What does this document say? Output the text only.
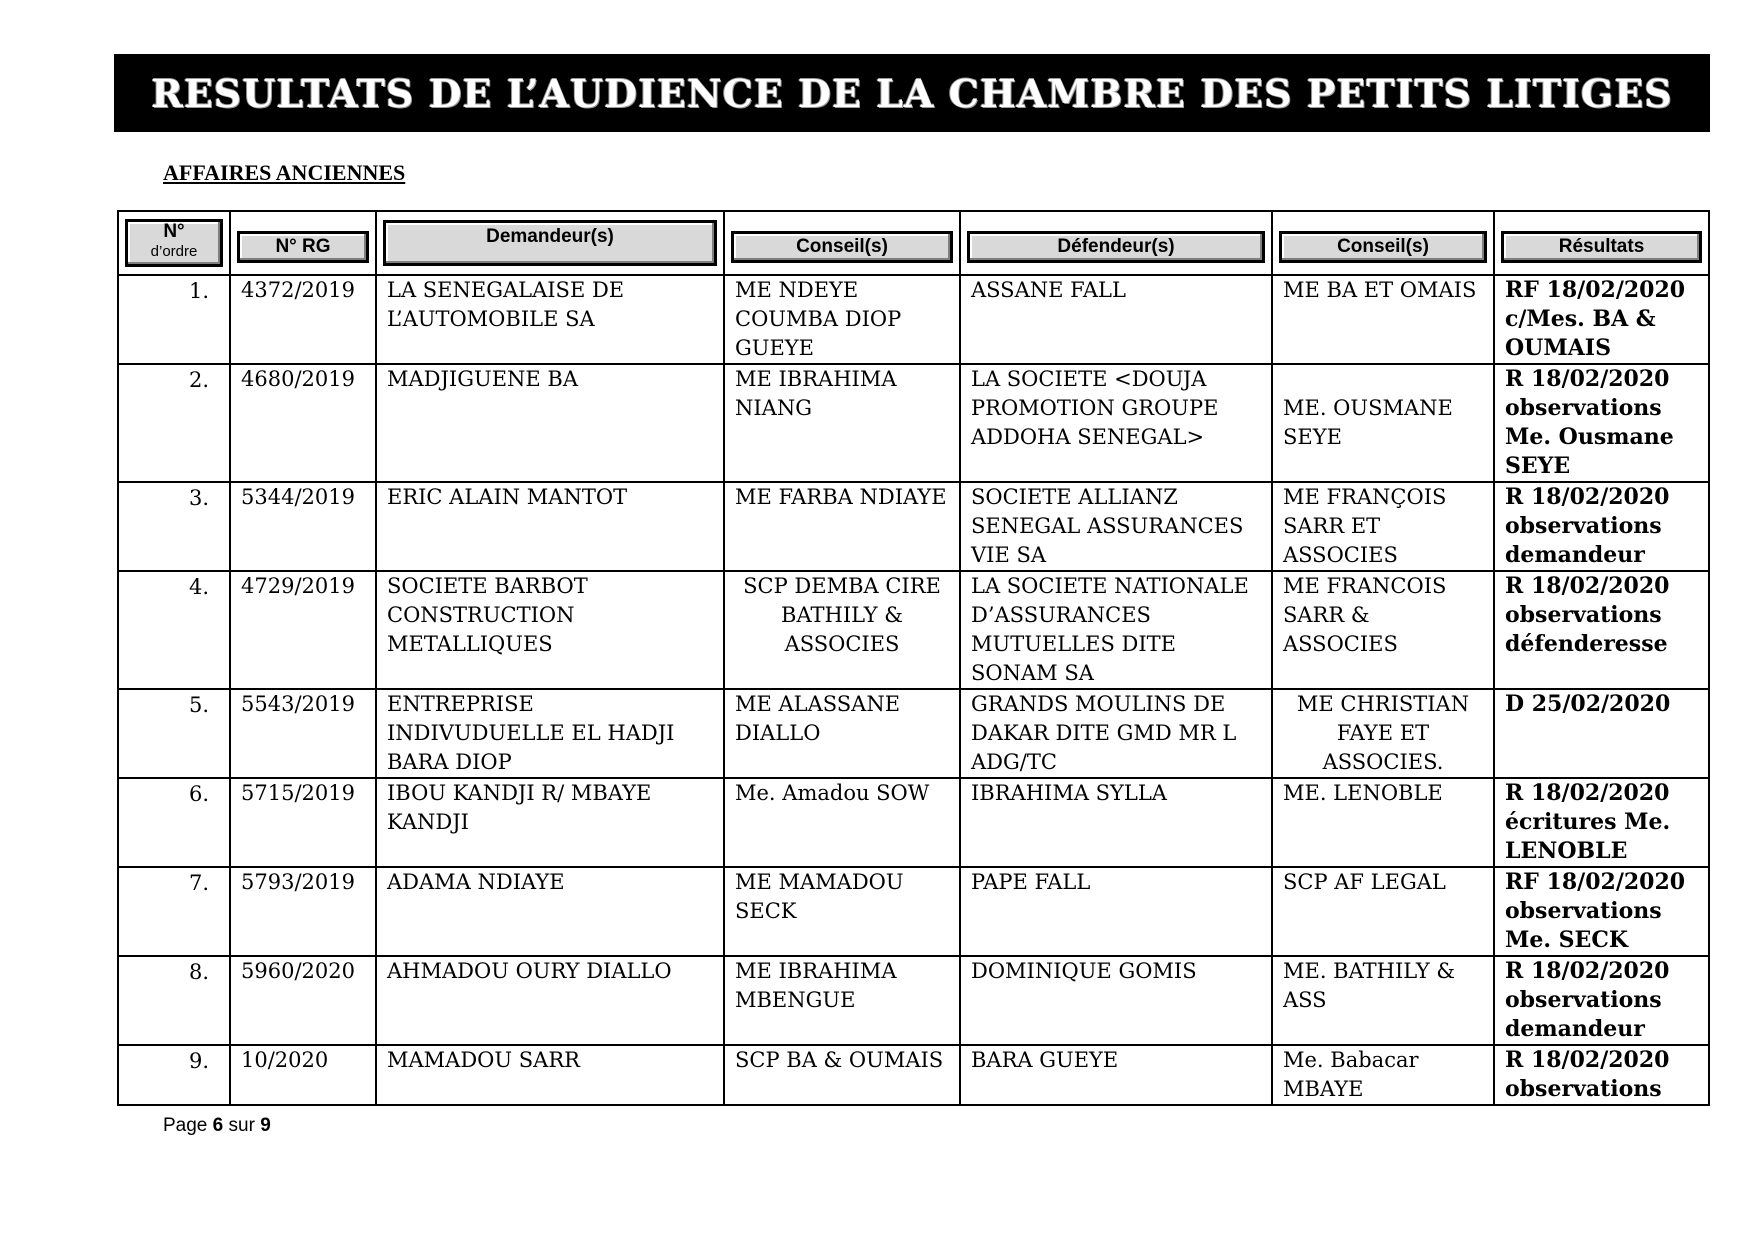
RESULTATS DE L’AUDIENCE DE LA CHAMBRE DES PETITS LITIGES
AFFAIRES ANCIENNES
N°
d’ordre	N° RG	Demandeur(s)	Conseil(s)	Défendeur(s)	Conseil(s)	Résultats

1.	4372/2019	LA SENEGALAISE DE L’AUTOMOBILE SA	ME NDEYE COUMBA DIOP GUEYE	ASSANE FALL	ME BA ET OMAIS	RF 18/02/2020 c/Mes. BA & OUMAIS
2.	4680/2019	MADJIGUENE BA	ME IBRAHIMA NIANG	LA SOCIETE <DOUJA PROMOTION GROUPE ADDOHA SENEGAL>	ME. OUSMANE SEYE	R 18/02/2020 observations Me. Ousmane SEYE
3.	5344/2019	ERIC ALAIN MANTOT	ME FARBA NDIAYE	SOCIETE ALLIANZ SENEGAL ASSURANCES VIE SA	ME FRANÇOIS SARR ET ASSOCIES	R 18/02/2020 observations demandeur
4.	4729/2019	SOCIETE BARBOT CONSTRUCTION METALLIQUES	SCP DEMBA CIRE BATHILY & ASSOCIES	LA SOCIETE NATIONALE D’ASSURANCES MUTUELLES DITE SONAM SA	ME FRANCOIS SARR & ASSOCIES	R 18/02/2020 observations défenderesse
5.	5543/2019	ENTREPRISE INDIVUDUELLE EL HADJI BARA DIOP	ME ALASSANE DIALLO	GRANDS MOULINS DE DAKAR DITE GMD MR L ADG/TC	ME CHRISTIAN FAYE ET ASSOCIES.	D 25/02/2020
6.	5715/2019	IBOU KANDJI R/ MBAYE KANDJI	Me. Amadou SOW	IBRAHIMA SYLLA	ME. LENOBLE	R 18/02/2020 écritures Me. LENOBLE
7.	5793/2019	ADAMA NDIAYE	ME MAMADOU SECK	PAPE FALL	SCP AF LEGAL	RF 18/02/2020 observations Me. SECK
8.	5960/2020	AHMADOU OURY DIALLO	ME IBRAHIMA MBENGUE	DOMINIQUE GOMIS	ME. BATHILY & ASS	R 18/02/2020 observations demandeur
9.	10/2020	MAMADOU SARR	SCP BA & OUMAIS	BARA GUEYE	Me. Babacar MBAYE	R 18/02/2020 observations
Page 6 sur 9
